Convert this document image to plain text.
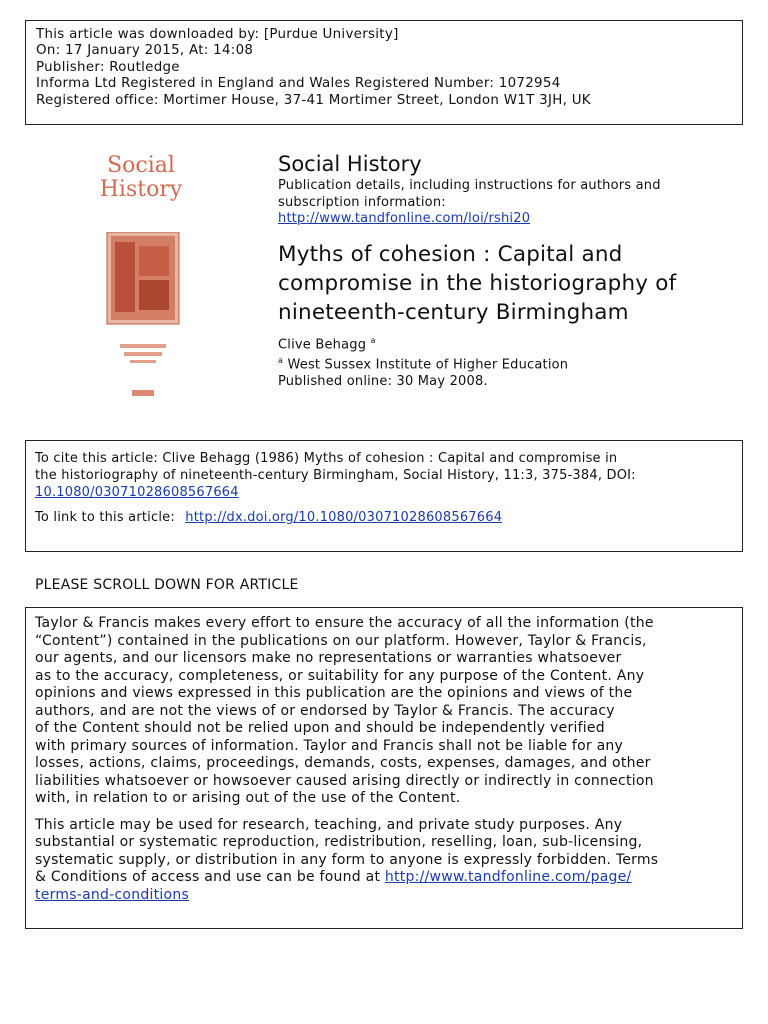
This article was downloaded by: [Purdue University]
On: 17 January 2015, At: 14:08
Publisher: Routledge
Informa Ltd Registered in England and Wales Registered Number: 1072954
Registered office: Mortimer House, 37-41 Mortimer Street, London W1T 3JH, UK
Social
History
Social History
Publication details, including instructions for authors and
subscription information:
http://www.tandfonline.com/loi/rshi20
Myths of cohesion : Capital and
compromise in the historiography of
nineteenth-century Birmingham
Clive Behagg $^a$
$^a$ West Sussex Institute of Higher Education
Published online: 30 May 2008.
To cite this article: Clive Behagg (1986) Myths of cohesion : Capital and compromise in
the historiography of nineteenth-century Birmingham, Social History, 11:3, 375-384, DOI:
10.1080/03071028608567664
To link to this article: http://dx.doi.org/10.1080/03071028608567664
PLEASE SCROLL DOWN FOR ARTICLE

Taylor & Francis makes every effort to ensure the accuracy of all the information (the
“Content”) contained in the publications on our platform. However, Taylor & Francis,
our agents, and our licensors make no representations or warranties whatsoever
as to the accuracy, completeness, or suitability for any purpose of the Content. Any
opinions and views expressed in this publication are the opinions and views of the
authors, and are not the views of or endorsed by Taylor & Francis. The accuracy
of the Content should not be relied upon and should be independently verified
with primary sources of information. Taylor and Francis shall not be liable for any
losses, actions, claims, proceedings, demands, costs, expenses, damages, and other
liabilities whatsoever or howsoever caused arising directly or indirectly in connection
with, in relation to or arising out of the use of the Content.

This article may be used for research, teaching, and private study purposes. Any
substantial or systematic reproduction, redistribution, reselling, loan, sub-licensing,
systematic supply, or distribution in any form to anyone is expressly forbidden. Terms
& Conditions of access and use can be found at http://www.tandfonline.com/page/
terms-and-conditions
